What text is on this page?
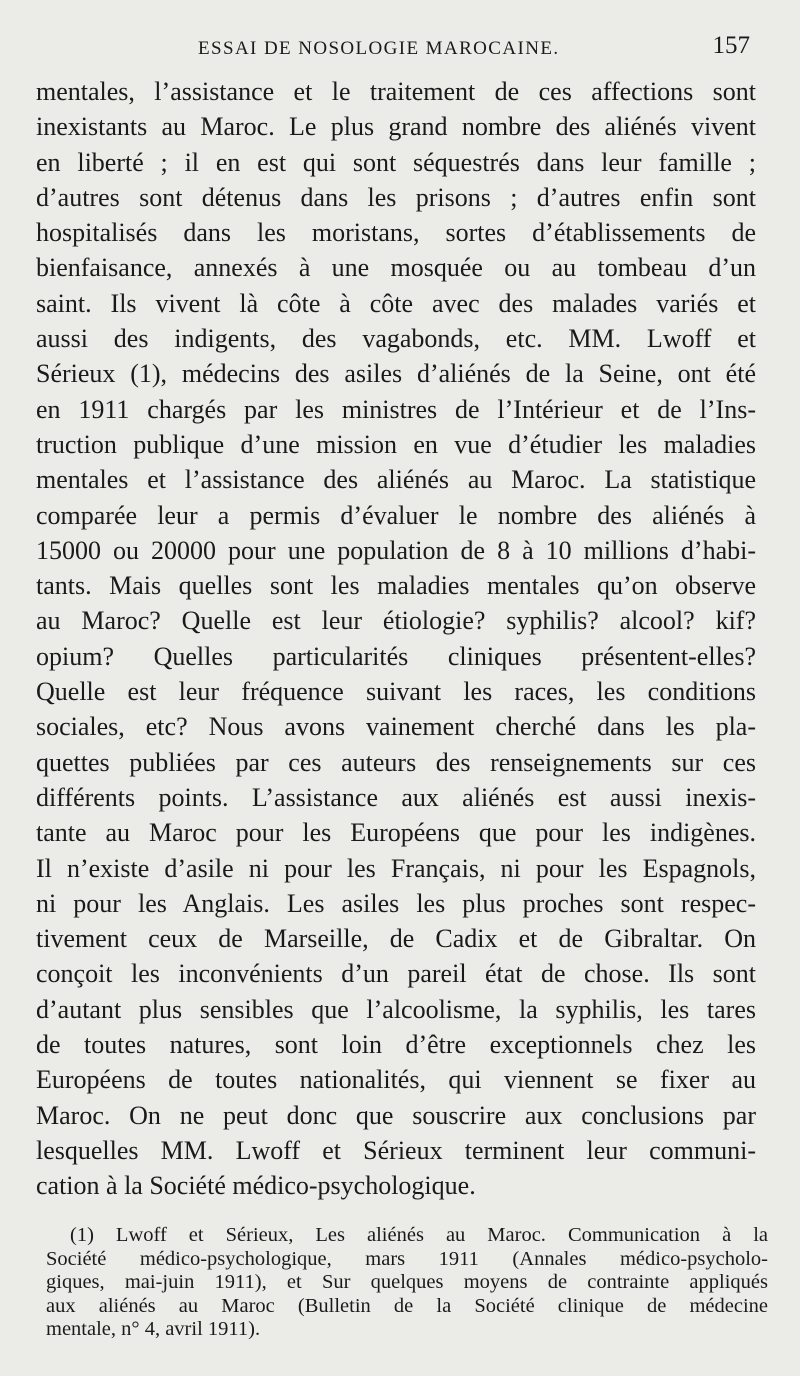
ESSAI DE NOSOLOGIE MAROCAINE.	157
mentales, l’assistance et le traitement de ces affections sont
inexistants au Maroc. Le plus grand nombre des aliénés vivent
en liberté ; il en est qui sont séquestrés dans leur famille ;
d’autres sont détenus dans les prisons ; d’autres enfin sont
hospitalisés dans les moristans, sortes d’établissements de
bienfaisance, annexés à une mosquée ou au tombeau d’un
saint. Ils vivent là côte à côte avec des malades variés et
aussi des indigents, des vagabonds, etc. MM. Lwoff et
Sérieux (1), médecins des asiles d’aliénés de la Seine, ont été
en 1911 chargés par les ministres de l’Intérieur et de l’Ins-
truction publique d’une mission en vue d’étudier les maladies
mentales et l’assistance des aliénés au Maroc. La statistique
comparée leur a permis d’évaluer le nombre des aliénés à
15000 ou 20000 pour une population de 8 à 10 millions d’habi-
tants. Mais quelles sont les maladies mentales qu’on observe
au Maroc? Quelle est leur étiologie? syphilis? alcool? kif?
opium? Quelles particularités cliniques présentent-elles?
Quelle est leur fréquence suivant les races, les conditions
sociales, etc? Nous avons vainement cherché dans les pla-
quettes publiées par ces auteurs des renseignements sur ces
différents points. L’assistance aux aliénés est aussi inexis-
tante au Maroc pour les Européens que pour les indigènes.
Il n’existe d’asile ni pour les Français, ni pour les Espagnols,
ni pour les Anglais. Les asiles les plus proches sont respec-
tivement ceux de Marseille, de Cadix et de Gibraltar. On
conçoit les inconvénients d’un pareil état de chose. Ils sont
d’autant plus sensibles que l’alcoolisme, la syphilis, les tares
de toutes natures, sont loin d’être exceptionnels chez les
Européens de toutes nationalités, qui viennent se fixer au
Maroc. On ne peut donc que souscrire aux conclusions par
lesquelles MM. Lwoff et Sérieux terminent leur communi-
cation à la Société médico-psychologique.
(1) Lwoff et Sérieux, Les aliénés au Maroc. Communication à la
Société médico-psychologique, mars 1911 (Annales médico-psycholo-
giques, mai-juin 1911), et Sur quelques moyens de contrainte appliqués
aux aliénés au Maroc (Bulletin de la Société clinique de médecine
mentale, n° 4, avril 1911).
